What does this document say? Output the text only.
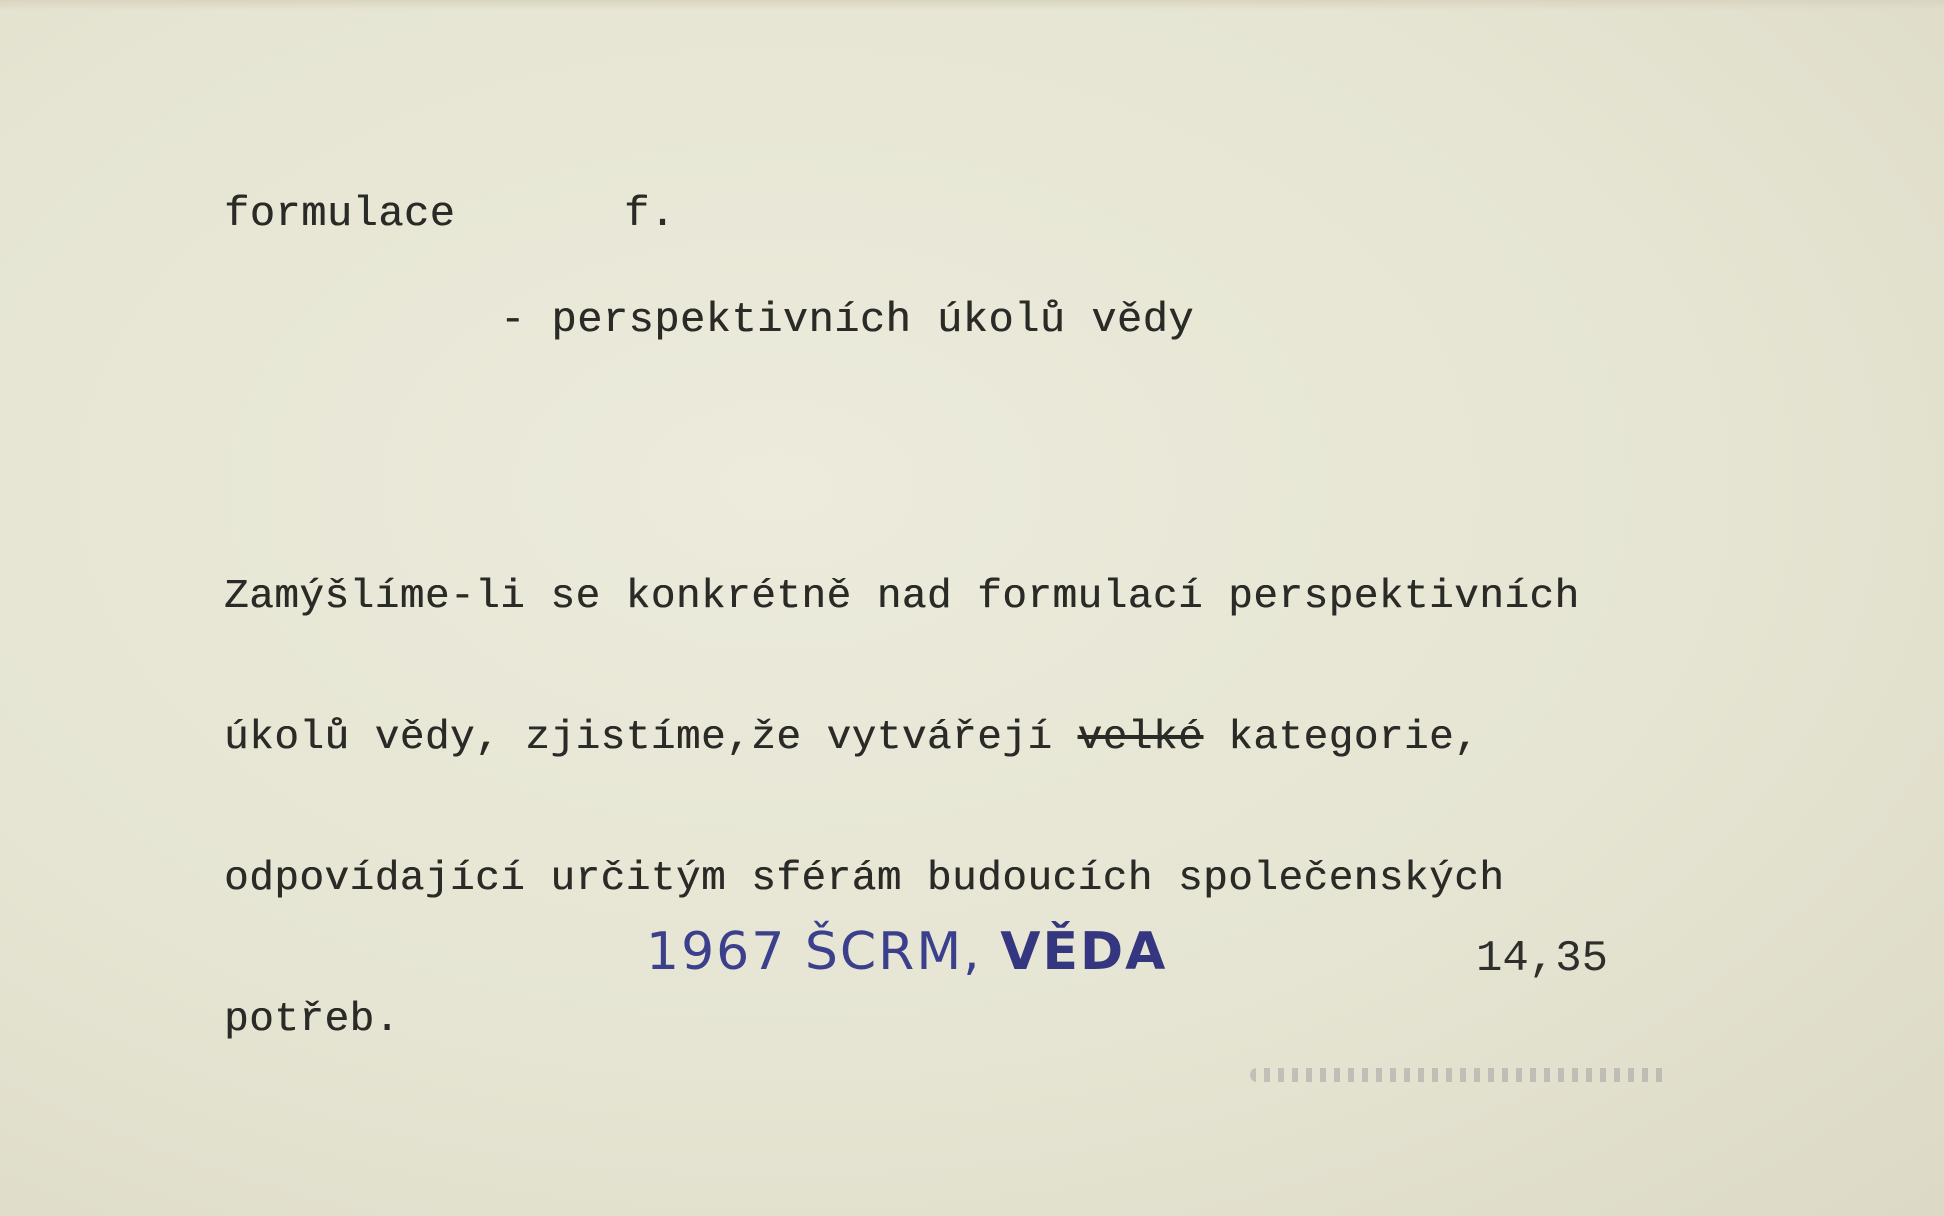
formulace	f.
- perspektivních úkolů vědy

Zamýšlíme-li se konkrétně nad formulací perspektivních

úkolů vědy, zjistíme,že vytvářejí velké kategorie,

odpovídající určitým sférám budoucích společenských

potřeb.

1967 ŠCRM, VĚDA	14,35
